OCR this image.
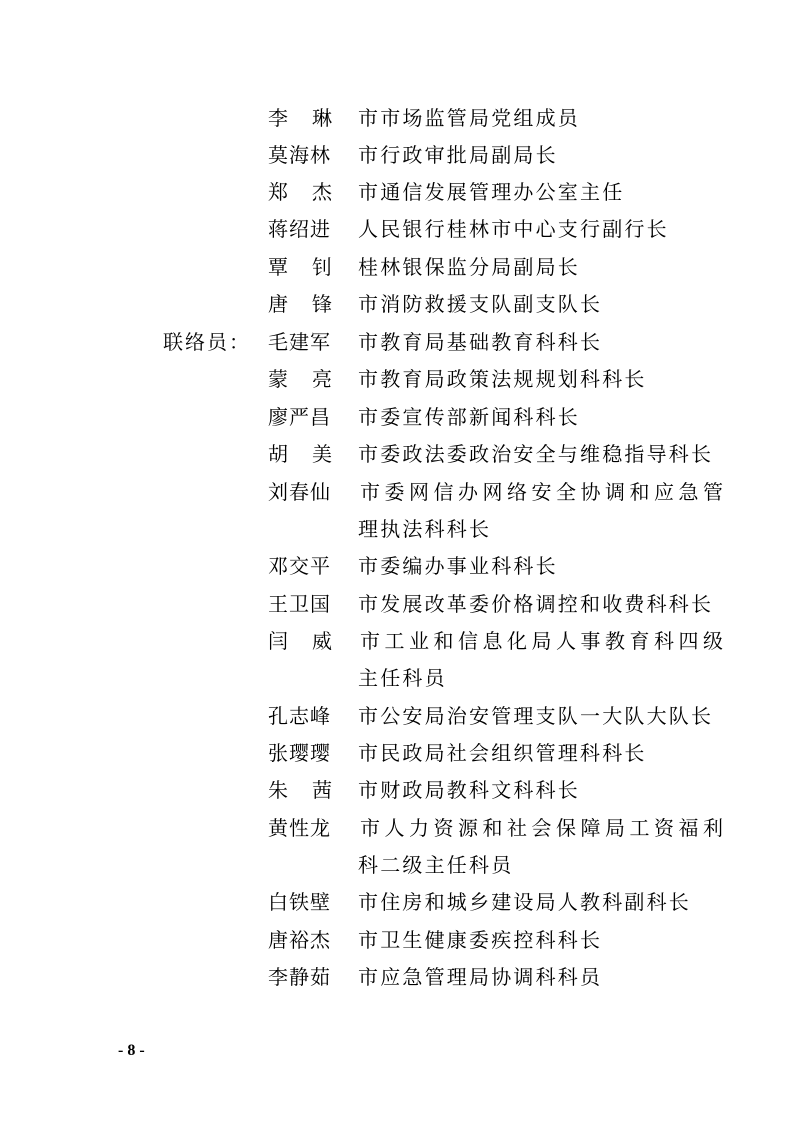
李 琳 市市场监管局党组成员
莫海林 市行政审批局副局长
郑 杰 市通信发展管理办公室主任
蒋绍进 人民银行桂林市中心支行副行长
覃 钊 桂林银保监分局副局长
唐 锋 市消防救援支队副支队长
联络员： 毛建军 市教育局基础教育科科长
蒙 亮 市教育局政策法规规划科科长
廖严昌 市委宣传部新闻科科长
胡 美 市委政法委政治安全与维稳指导科长
刘春仙 市委网信办网络安全协调和应急管
理执法科科长
邓交平 市委编办事业科科长
王卫国 市发展改革委价格调控和收费科科长
闫 威 市工业和信息化局人事教育科四级
主任科员
孔志峰 市公安局治安管理支队一大队大队长
张璎璎 市民政局社会组织管理科科长
朱 茜 市财政局教科文科科长
黄性龙 市人力资源和社会保障局工资福利
科二级主任科员
白铁壁 市住房和城乡建设局人教科副科长
唐裕杰 市卫生健康委疾控科科长
李静茹 市应急管理局协调科科员
- 8 -
